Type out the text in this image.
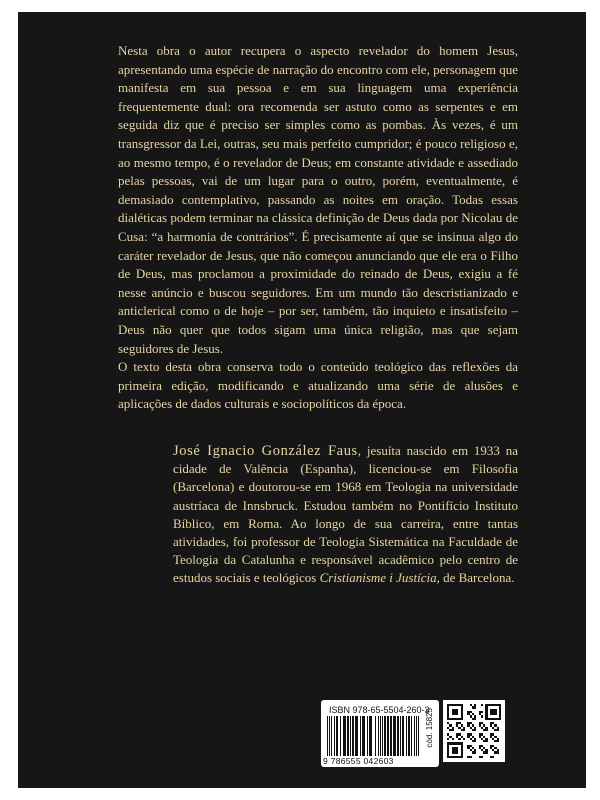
Nesta obra o autor recupera o aspecto revelador do homem Jesus, apresentando uma espécie de narração do encontro com ele, personagem que manifesta em sua pessoa e em sua linguagem uma experiência frequentemente dual: ora recomenda ser astuto como as serpentes e em seguida diz que é preciso ser simples como as pombas. Às vezes, é um transgressor da Lei, outras, seu mais perfeito cumpridor; é pouco religioso e, ao mesmo tempo, é o revelador de Deus; em constante atividade e assediado pelas pessoas, vai de um lugar para o outro, porém, eventualmente, é demasiado contemplativo, passando as noites em oração. Todas essas dialéticas podem terminar na clássica definição de Deus dada por Nicolau de Cusa: “a harmonia de contrários”. É precisamente aí que se insinua algo do caráter revelador de Jesus, que não começou anunciando que ele era o Filho de Deus, mas proclamou a proximidade do reinado de Deus, exigiu a fé nesse anúncio e buscou seguidores. Em um mundo tão descristianizado e anticlerical como o de hoje – por ser, também, tão inquieto e insatisfeito – Deus não quer que todos sigam uma única religião, mas que sejam seguidores de Jesus.

O texto desta obra conserva todo o conteúdo teológico das reflexões da primeira edição, modificando e atualizando uma série de alusões e aplicações de dados culturais e sociopolíticos da época.

José Ignacio González Faus, jesuíta nascido em 1933 na cidade de Valência (Espanha), licenciou-se em Filosofia (Barcelona) e doutorou-se em 1968 em Teologia na universidade austríaca de Innsbruck. Estudou também no Pontifício Instituto Bíblico, em Roma. Ao longo de sua carreira, entre tantas atividades, foi professor de Teologia Sistemática na Faculdade de Teologia da Catalunha e responsável acadêmico pelo centro de estudos sociais e teológicos Cristianisme i Justícia, de Barcelona.

ISBN 978-65-5504-260-3
9 786555 042603
cód. 15825
